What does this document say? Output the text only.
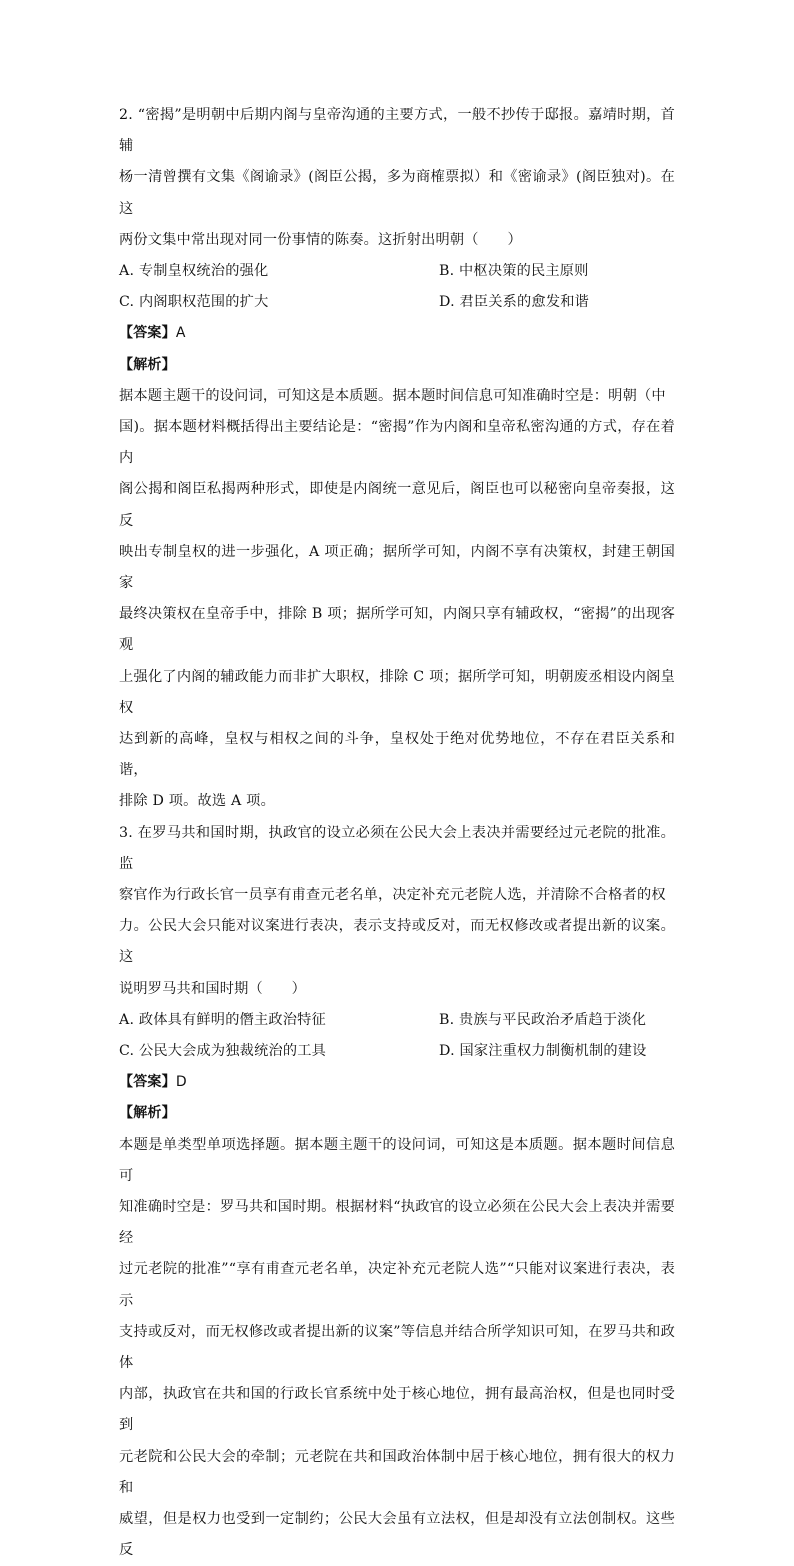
2. “密揭”是明朝中后期内阁与皇帝沟通的主要方式，一般不抄传于邸报。嘉靖时期，首辅

杨一清曾撰有文集《阁谕录》(阁臣公揭，多为商榷票拟）和《密谕录》(阁臣独对)。在这

两份文集中常出现对同一份事情的陈奏。这折射出明朝（　　）

A. 专制皇权统治的强化	B. 中枢决策的民主原则
C. 内阁职权范围的扩大	D. 君臣关系的愈发和谐

【答案】A

【解析】

据本题主题干的设问词，可知这是本质题。据本题时间信息可知准确时空是：明朝（中

国)。据本题材料概括得出主要结论是：“密揭”作为内阁和皇帝私密沟通的方式，存在着内

阁公揭和阁臣私揭两种形式，即使是内阁统一意见后，阁臣也可以秘密向皇帝奏报，这反

映出专制皇权的进一步强化，A 项正确；据所学可知，内阁不享有决策权，封建王朝国家

最终决策权在皇帝手中，排除 B 项；据所学可知，内阁只享有辅政权，“密揭”的出现客观

上强化了内阁的辅政能力而非扩大职权，排除 C 项；据所学可知，明朝废丞相设内阁皇权

达到新的高峰，皇权与相权之间的斗争，皇权处于绝对优势地位，不存在君臣关系和谐，

排除 D 项。故选 A 项。

3. 在罗马共和国时期，执政官的设立必须在公民大会上表决并需要经过元老院的批准。监

察官作为行政长官一员享有甫查元老名单，决定补充元老院人选，并清除不合格者的权

力。公民大会只能对议案进行表决，表示支持或反对，而无权修改或者提出新的议案。这

说明罗马共和国时期（　　）

A. 政体具有鲜明的僭主政治特征	B. 贵族与平民政治矛盾趋于淡化
C. 公民大会成为独裁统治的工具	D. 国家注重权力制衡机制的建设

【答案】D

【解析】

本题是单类型单项选择题。据本题主题干的设问词，可知这是本质题。据本题时间信息可

知准确时空是：罗马共和国时期。根据材料“执政官的设立必须在公民大会上表决并需要经

过元老院的批准”“享有甫查元老名单，决定补充元老院人选”“只能对议案进行表决，表示

支持或反对，而无权修改或者提出新的议案”等信息并结合所学知识可知，在罗马共和政体

内部，执政官在共和国的行政长官系统中处于核心地位，拥有最高治权，但是也同时受到

元老院和公民大会的牵制；元老院在共和国政治体制中居于核心地位，拥有很大的权力和

威望，但是权力也受到一定制约；公民大会虽有立法权，但是却没有立法创制权。这些反
